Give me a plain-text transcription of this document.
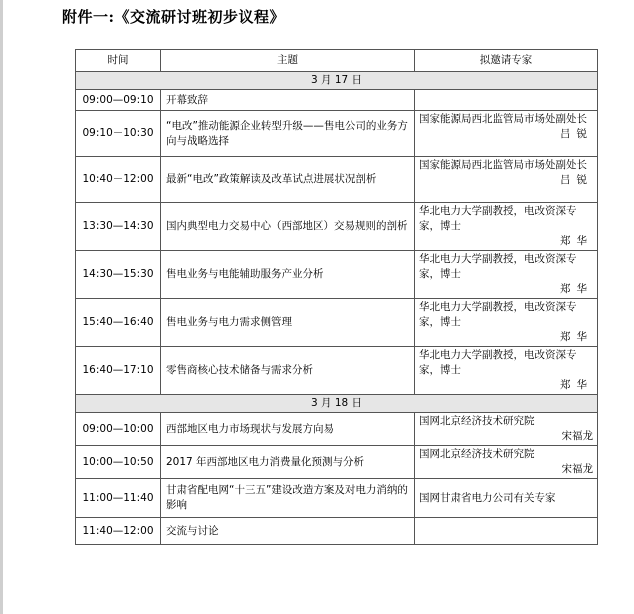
附件一:《交流研讨班初步议程》
时间	主题	拟邀请专家
3 月 17 日		
09:00—09:10	开幕致辞	
09:10－10:30	“电改”推动能源企业转型升级——售电公司的业务方向与战略选择	国家能源局西北监管局市场处副处长
吕锐

10:40－12:00	最新“电改”政策解读及改革试点进展状况剖析	国家能源局西北监管局市场处副处长
吕锐

13:30—14:30	国内典型电力交易中心（西部地区）交易规则的剖析	华北电力大学副教授，电改资深专家，博士
郑华

14:30—15:30	售电业务与电能辅助服务产业分析	华北电力大学副教授，电改资深专家，博士
郑华

15:40—16:40	售电业务与电力需求侧管理	华北电力大学副教授，电改资深专家，博士
郑华

16:40—17:10	零售商核心技术储备与需求分析	华北电力大学副教授，电改资深专家，博士
郑华

3 月 18 日		
09:00—10:00	西部地区电力市场现状与发展方向易	国网北京经济技术研究院
宋福龙

10:00—10:50	2017 年西部地区电力消费量化预测与分析	国网北京经济技术研究院
宋福龙

11:00—11:40	甘肃省配电网“十三五”建设改造方案及对电力消纳的影响	国网甘肃省电力公司有关专家

11:40—12:00	交流与讨论	
